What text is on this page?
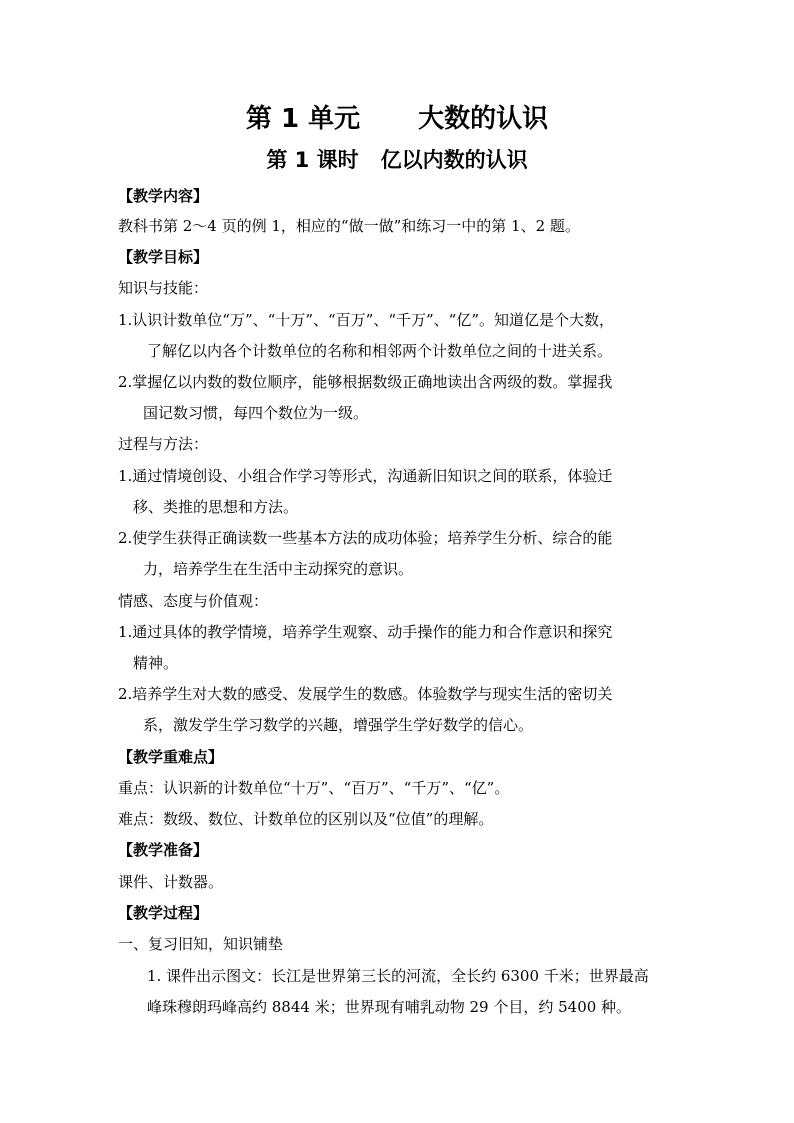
第 1 单元 大数的认识
第 1 课时 亿以内数的认识
【教学内容】
教科书第 2～4 页的例 1，相应的“做一做”和练习一中的第 1、2 题。
【教学目标】
知识与技能：
1.认识计数单位“万”、“十万”、“百万”、“千万”、“亿”。知道亿是个大数，
了解亿以内各个计数单位的名称和相邻两个计数单位之间的十进关系。
2.掌握亿以内数的数位顺序，能够根据数级正确地读出含两级的数。掌握我
国记数习惯，每四个数位为一级。
过程与方法：
1.通过情境创设、小组合作学习等形式，沟通新旧知识之间的联系，体验迁
移、类推的思想和方法。
2.使学生获得正确读数一些基本方法的成功体验；培养学生分析、综合的能
力，培养学生在生活中主动探究的意识。
情感、态度与价值观：
1.通过具体的教学情境，培养学生观察、动手操作的能力和合作意识和探究
精神。
2.培养学生对大数的感受、发展学生的数感。体验数学与现实生活的密切关
系，激发学生学习数学的兴趣，增强学生学好数学的信心。
【教学重难点】
重点：认识新的计数单位“十万”、“百万”、“千万”、“亿”。
难点：数级、数位、计数单位的区别以及“位值”的理解。
【教学准备】
课件、计数器。
【教学过程】
一、复习旧知，知识铺垫
1. 课件出示图文：长江是世界第三长的河流，全长约 6300 千米；世界最高
峰珠穆朗玛峰高约 8844 米；世界现有哺乳动物 29 个目，约 5400 种。
